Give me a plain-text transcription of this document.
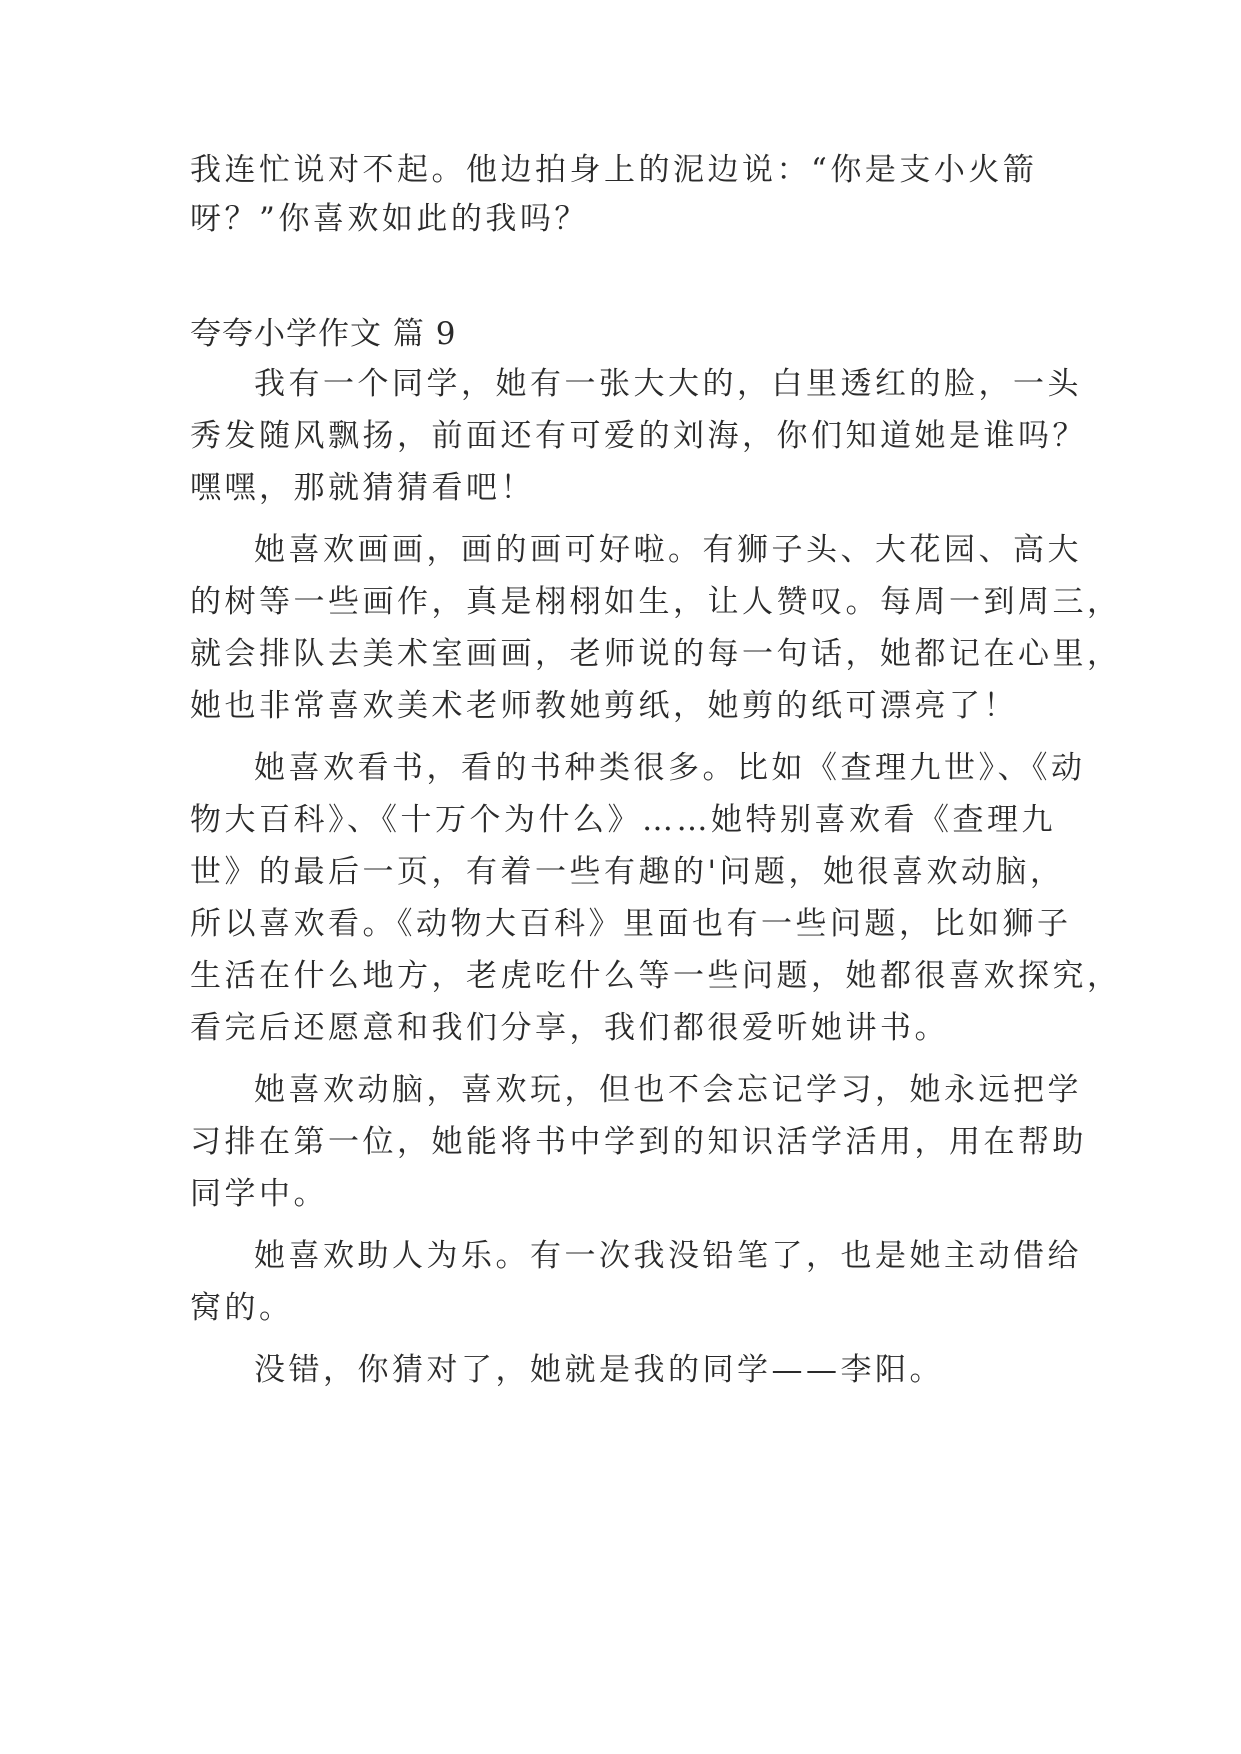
我连忙说对不起。他边拍身上的泥边说：“你是支小火箭

呀？”你喜欢如此的我吗？

夸夸小学作文 篇 9

我有一个同学，她有一张大大的，白里透红的脸，一头

秀发随风飘扬，前面还有可爱的刘海，你们知道她是谁吗？

嘿嘿，那就猜猜看吧！

她喜欢画画，画的画可好啦。有狮子头、大花园、高大

的树等一些画作，真是栩栩如生，让人赞叹。每周一到周三，

就会排队去美术室画画，老师说的每一句话，她都记在心里，

她也非常喜欢美术老师教她剪纸，她剪的纸可漂亮了！

她喜欢看书，看的书种类很多。比如《查理九世》、《动

物大百科》、《十万个为什么》……她特别喜欢看《查理九

世》的最后一页，有着一些有趣的'问题，她很喜欢动脑，

所以喜欢看。《动物大百科》里面也有一些问题，比如狮子

生活在什么地方，老虎吃什么等一些问题，她都很喜欢探究，

看完后还愿意和我们分享，我们都很爱听她讲书。

她喜欢动脑，喜欢玩，但也不会忘记学习，她永远把学

习排在第一位，她能将书中学到的知识活学活用，用在帮助

同学中。

她喜欢助人为乐。有一次我没铅笔了，也是她主动借给

窝的。

没错，你猜对了，她就是我的同学——李阳。
